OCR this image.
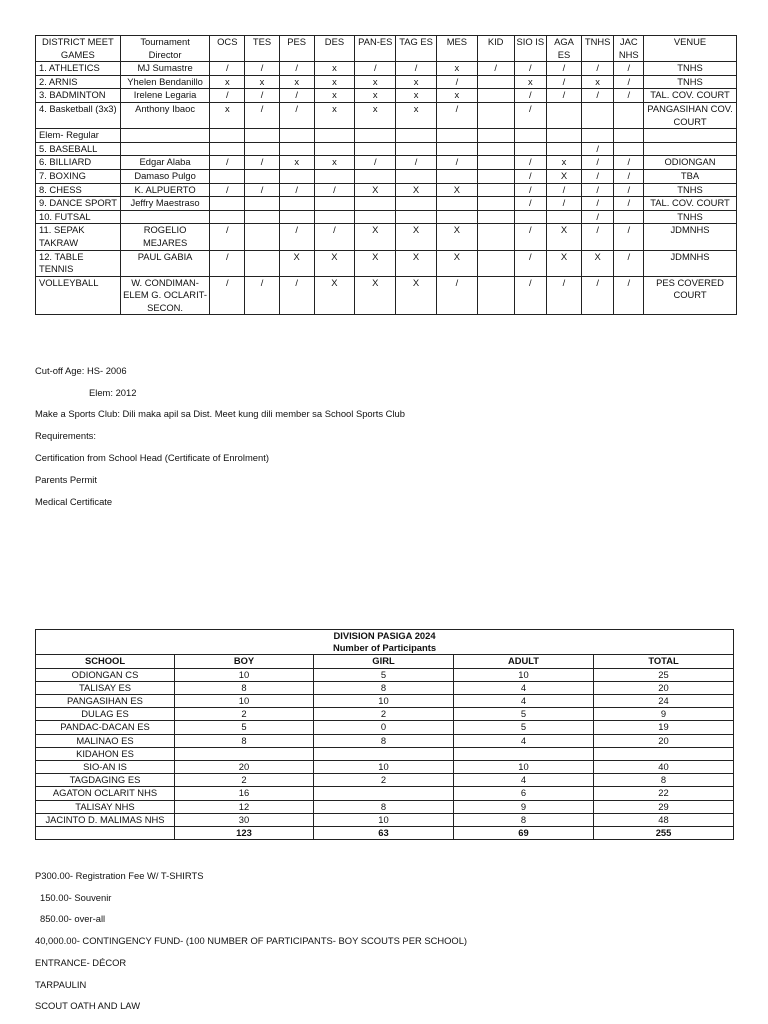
DISTRICT MEET GAMES	Tournament Director	OCS	TES	PES	DES	PAN-ES	TAG ES	MES	KID	SIO IS	AGA ES	TNHS	JAC NHS	VENUE
1. ATHLETICS	MJ Sumastre	/	/	/	x	/	/	x	/	/	/	/	/	TNHS
2. ARNIS	Yhelen Bendanillo	x	x	x	x	x	x	/		x	/	x	/	TNHS
3. BADMINTON	Irelene Legaria	/	/	/	x	x	x	x		/	/	/	/	TAL. COV. COURT
4. Basketball (3x3)	Anthony Ibaoc	x	/	/	x	x	x	/		/				PANGASIHAN COV. COURT
Elem- Regular														
5. BASEBALL												/		
6. BILLIARD	Edgar Alaba	/	/	x	x	/	/	/		/	x	/	/	ODIONGAN
7. BOXING	Damaso Pulgo									/	X	/	/	TBA
8. CHESS	K. ALPUERTO	/	/	/	/	X	X	X		/	/	/	/	TNHS
9. DANCE SPORT	Jeffry Maestraso									/	/	/	/	TAL. COV. COURT
10. FUTSAL												/		TNHS
11. SEPAK TAKRAW	ROGELIO MEJARES	/		/	/	X	X	X		/	X	/	/	JDMNHS
12. TABLE TENNIS	PAUL GABIA	/		X	X	X	X	X		/	X	X	/	JDMNHS
VOLLEYBALL	W. CONDIMAN-ELEM G. OCLARIT-SECON.	/	/	/	X	X	X	/		/	/	/	/	PES COVERED COURT
Cut-off Age: HS- 2006
Elem: 2012
Make a Sports Club: Dili maka apil sa Dist. Meet kung dili member sa School Sports Club
Requirements:
Certification from School Head (Certificate of Enrolment)
Parents Permit
Medical Certificate
DIVISION PASIGA 2024
Number of Participants				
SCHOOL	BOY	GIRL	ADULT	TOTAL
ODIONGAN CS	10	5	10	25
TALISAY ES	8	8	4	20
PANGASIHAN ES	10	10	4	24
DULAG ES	2	2	5	9
PANDAC-DACAN ES	5	0	5	19
MALINAO ES	8	8	4	20
KIDAHON ES				
SIO-AN IS	20	10	10	40
TAGDAGING ES	2	2	4	8
AGATON OCLARIT NHS	16		6	22
TALISAY NHS	12	8	9	29
JACINTO D. MALIMAS NHS	30	10	8	48
	123	63	69	255
P300.00- Registration Fee W/ T-SHIRTS
150.00- Souvenir
850.00- over-all
40,000.00- CONTINGENCY FUND- (100 NUMBER OF PARTICIPANTS- BOY SCOUTS PER SCHOOL)
ENTRANCE- DÉCOR
TARPAULIN
SCOUT OATH AND LAW
